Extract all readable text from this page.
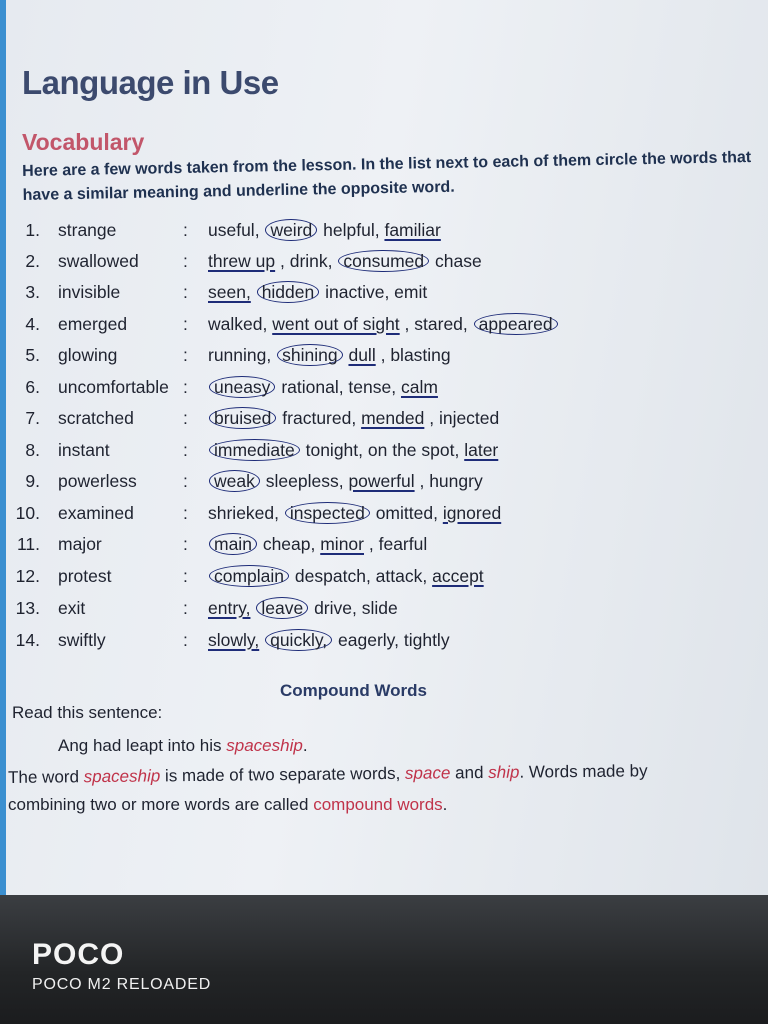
Language in Use
Vocabulary
Here are a few words taken from the lesson. In the list next to each of them circle the words that have a similar meaning and underline the opposite word.
1. strange	: useful, weird helpful, familiar
2. swallowed	: threw up , drink, consumed chase
3. invisible	: seen, hidden inactive, emit
4. emerged	: walked, went out of sight , stared, appeared
5. glowing	: running, shining dull , blasting
6. uncomfortable :	uneasy rational, tense, calm
7. scratched	:	bruised fractured, mended , injected
8. instant	:	immediate tonight, on the spot, later
9. powerless	:	weak sleepless, powerful , hungry
10. examined	: shrieked, inspected omitted, ignored
11. major	:	main cheap, minor , fearful
12. protest	:	complain despatch, attack, accept
13. exit	: entry, leave drive, slide
14. swiftly	: slowly, quickly, eagerly, tightly
Compound Words
Read this sentence:
Ang had leapt into his spaceship.
The word spaceship is made of two separate words, space and ship. Words made by
combining two or more words are called compound words.
POCO
POCO M2 RELOADED
